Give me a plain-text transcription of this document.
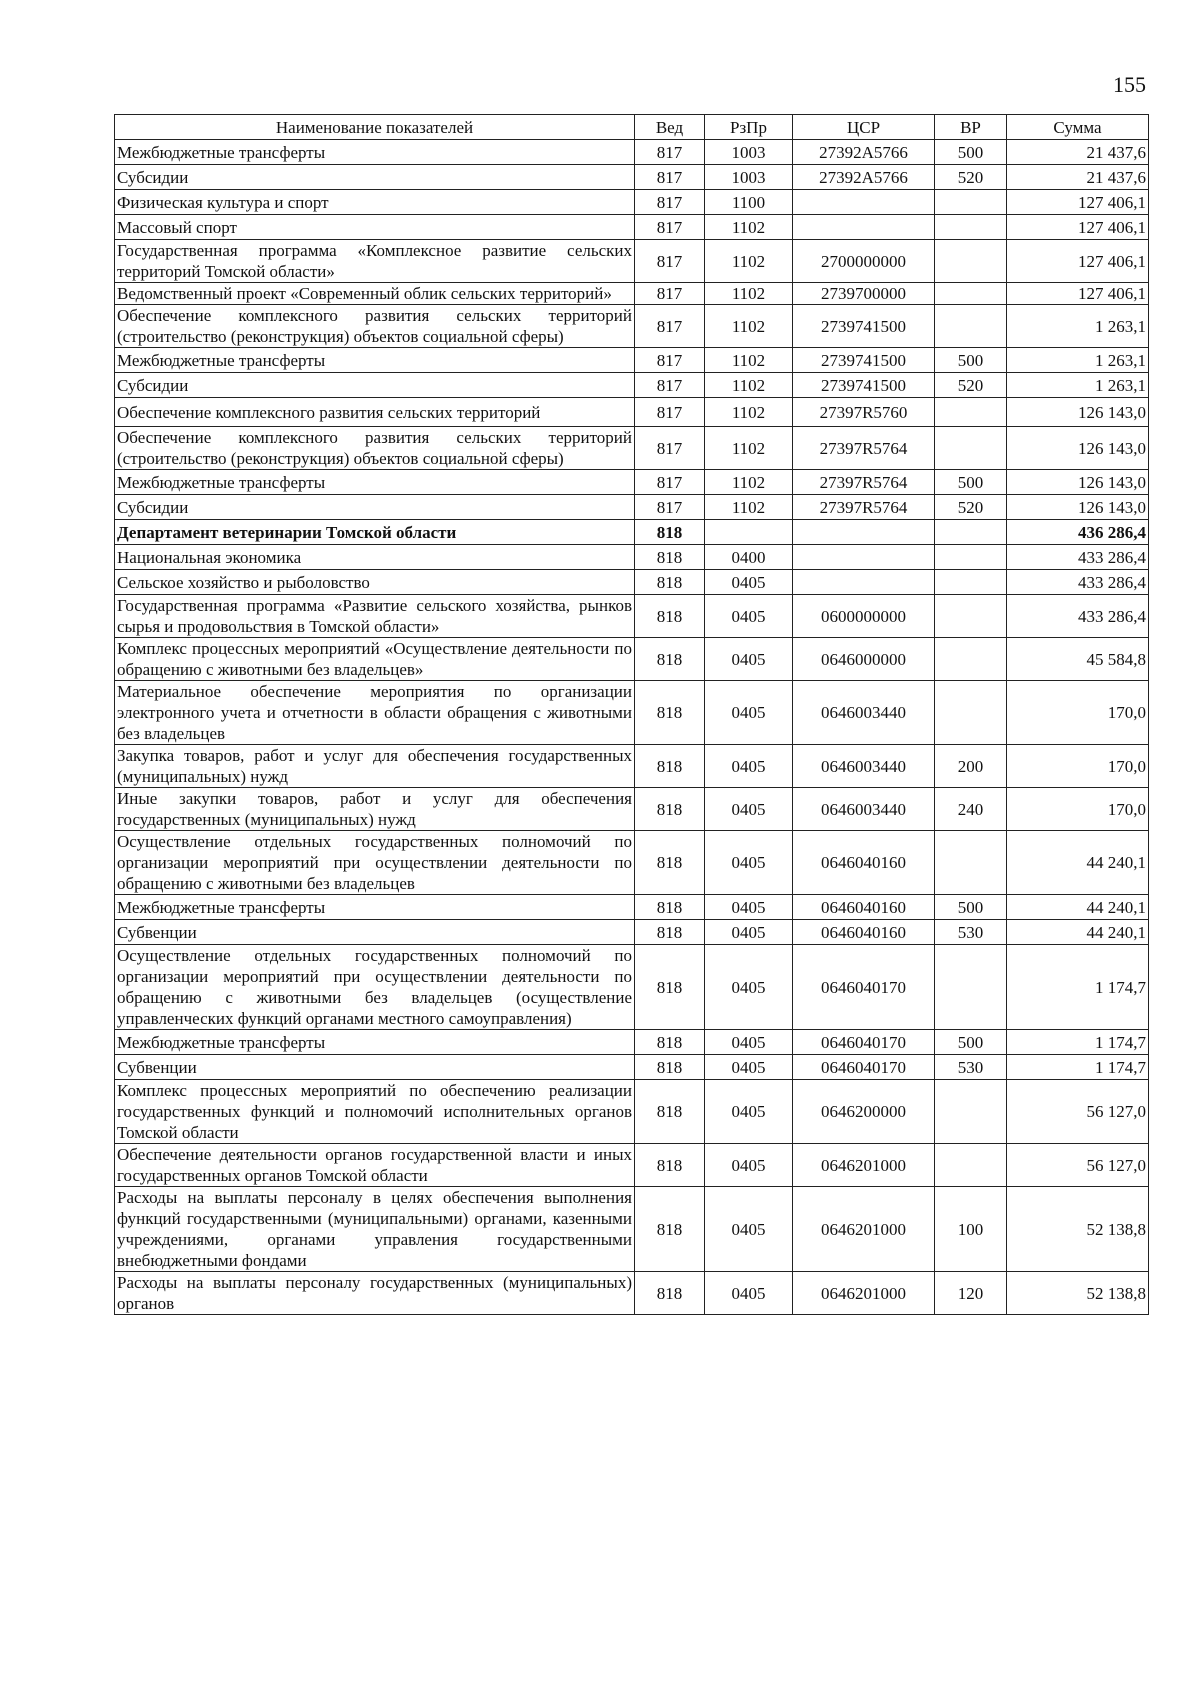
155
Наименование показателей	Вед	РзПр	ЦСР	ВР	Сумма
Межбюджетные трансферты	817	1003	27392A5766	500	21 437,6
Субсидии	817	1003	27392A5766	520	21 437,6
Физическая культура и спорт	817	1100			127 406,1
Массовый спорт	817	1102			127 406,1
Государственная программа «Комплексное развитие сельских территорий Томской области»	817	1102	2700000000		127 406,1
Ведомственный проект «Современный облик сельских территорий»	817	1102	2739700000		127 406,1
Обеспечение комплексного развития сельских территорий (строительство (реконструкция) объектов социальной сферы)	817	1102	2739741500		1 263,1
Межбюджетные трансферты	817	1102	2739741500	500	1 263,1
Субсидии	817	1102	2739741500	520	1 263,1
Обеспечение комплексного развития сельских территорий	817	1102	27397R5760		126 143,0
Обеспечение комплексного развития сельских территорий (строительство (реконструкция) объектов социальной сферы)	817	1102	27397R5764		126 143,0
Межбюджетные трансферты	817	1102	27397R5764	500	126 143,0
Субсидии	817	1102	27397R5764	520	126 143,0
Департамент ветеринарии Томской области	818				436 286,4
Национальная экономика	818	0400			433 286,4
Сельское хозяйство и рыболовство	818	0405			433 286,4
Государственная программа «Развитие сельского хозяйства, рынков сырья и продовольствия в Томской области»	818	0405	0600000000		433 286,4
Комплекс процессных мероприятий «Осуществление деятельности по обращению с животными без владельцев»	818	0405	0646000000		45 584,8
Материальное обеспечение мероприятия по организации электронного учета и отчетности в области обращения с животными без владельцев	818	0405	0646003440		170,0
Закупка товаров, работ и услуг для обеспечения государственных (муниципальных) нужд	818	0405	0646003440	200	170,0
Иные закупки товаров, работ и услуг для обеспечения государственных (муниципальных) нужд	818	0405	0646003440	240	170,0
Осуществление отдельных государственных полномочий по организации мероприятий при осуществлении деятельности по обращению с животными без владельцев	818	0405	0646040160		44 240,1
Межбюджетные трансферты	818	0405	0646040160	500	44 240,1
Субвенции	818	0405	0646040160	530	44 240,1
Осуществление отдельных государственных полномочий по организации мероприятий при осуществлении деятельности по обращению с животными без владельцев (осуществление управленческих функций органами местного самоуправления)	818	0405	0646040170		1 174,7
Межбюджетные трансферты	818	0405	0646040170	500	1 174,7
Субвенции	818	0405	0646040170	530	1 174,7
Комплекс процессных мероприятий по обеспечению реализации государственных функций и полномочий исполнительных органов Томской области	818	0405	0646200000		56 127,0
Обеспечение деятельности органов государственной власти и иных государственных органов Томской области	818	0405	0646201000		56 127,0
Расходы на выплаты персоналу в целях обеспечения выполнения функций государственными (муниципальными) органами, казенными учреждениями, органами управления государственными внебюджетными фондами	818	0405	0646201000	100	52 138,8
Расходы на выплаты персоналу государственных (муниципальных) органов	818	0405	0646201000	120	52 138,8
